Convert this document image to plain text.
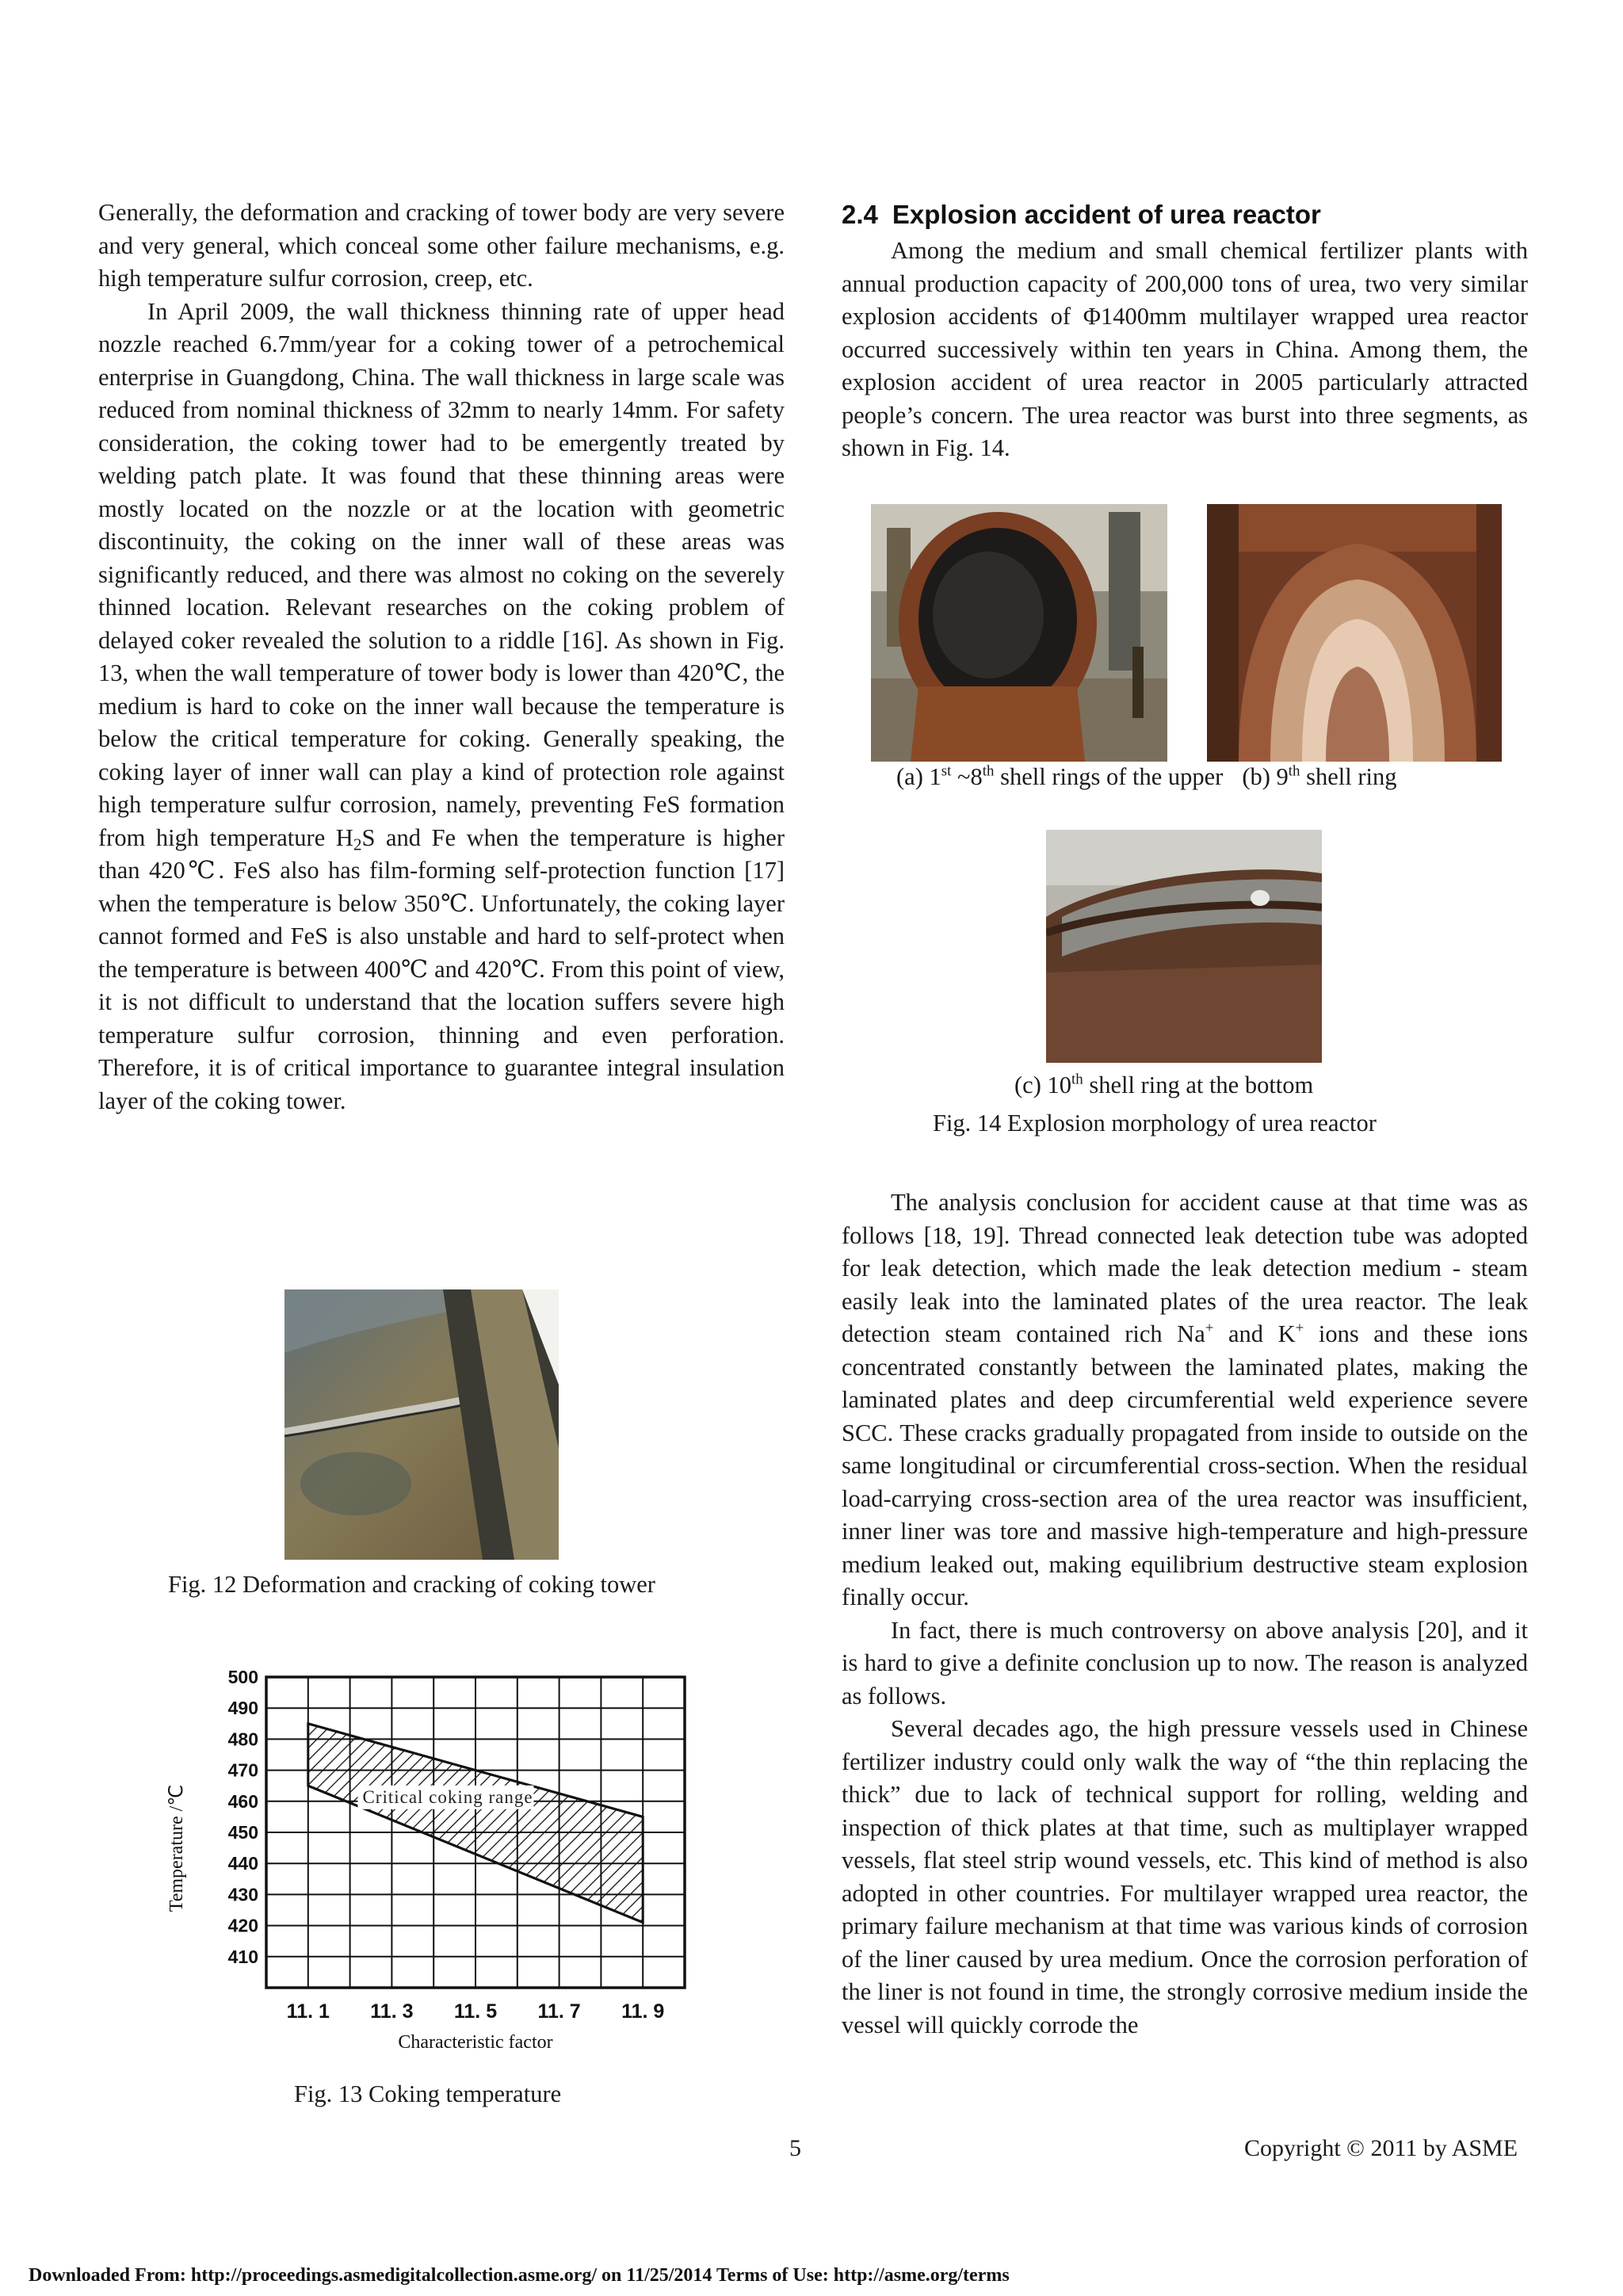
Generally, the deformation and cracking of tower body are very severe and very general, which conceal some other failure mechanisms, e.g. high temperature sulfur corrosion, creep, etc.

In April 2009, the wall thickness thinning rate of upper head nozzle reached 6.7mm/year for a coking tower of a petrochemical enterprise in Guangdong, China. The wall thickness in large scale was reduced from nominal thickness of 32mm to nearly 14mm. For safety consideration, the coking tower had to be emergently treated by welding patch plate. It was found that these thinning areas were mostly located on the nozzle or at the location with geometric discontinuity, the coking on the inner wall of these areas was significantly reduced, and there was almost no coking on the severely thinned location. Relevant researches on the coking problem of delayed coker revealed the solution to a riddle [16]. As shown in Fig. 13, when the wall temperature of tower body is lower than 420℃, the medium is hard to coke on the inner wall because the temperature is below the critical temperature for coking. Generally speaking, the coking layer of inner wall can play a kind of protection role against high temperature sulfur corrosion, namely, preventing FeS formation from high temperature $H_2S$ and Fe when the temperature is higher than 420℃. FeS also has film-forming self-protection function [17] when the temperature is below 350℃. Unfortunately, the coking layer cannot formed and FeS is also unstable and hard to self-protect when the temperature is between 400℃ and 420℃. From this point of view, it is not difficult to understand that the location suffers severe high temperature sulfur corrosion, thinning and even perforation. Therefore, it is of critical importance to guarantee integral insulation layer of the coking tower.

Fig. 12 Deformation and cracking of coking tower
Critical coking range
500
490
480
470
460
450
440
430
420
410
11. 1 11. 3 11. 5 11. 7 11. 9
Characteristic factor
Temperature /℃
Fig. 13 Coking temperature
2.4 Explosion accident of urea reactor

Among the medium and small chemical fertilizer plants with annual production capacity of 200,000 tons of urea, two very similar explosion accidents of Φ1400mm multilayer wrapped urea reactor occurred successively within ten years in China. Among them, the explosion accident of urea reactor in 2005 particularly attracted people’s concern. The urea reactor was burst into three segments, as shown in Fig. 14.

(a) 1st ~8th shell rings of the upper (b) 9th shell ring
(c) 10th shell ring at the bottom
Fig. 14 Explosion morphology of urea reactor

The analysis conclusion for accident cause at that time was as follows [18, 19]. Thread connected leak detection tube was adopted for leak detection, which made the leak detection medium - steam easily leak into the laminated plates of the urea reactor. The leak detection steam contained rich Na+ and K+ ions and these ions concentrated constantly between the laminated plates, making the laminated plates and deep circumferential weld experience severe SCC. These cracks gradually propagated from inside to outside on the same longitudinal or circumferential cross-section. When the residual load-carrying cross-section area of the urea reactor was insufficient, inner liner was tore and massive high-temperature and high-pressure medium leaked out, making equilibrium destructive steam explosion finally occur.

In fact, there is much controversy on above analysis [20], and it is hard to give a definite conclusion up to now. The reason is analyzed as follows.

Several decades ago, the high pressure vessels used in Chinese fertilizer industry could only walk the way of “the thin replacing the thick” due to lack of technical support for rolling, welding and inspection of thick plates at that time, such as multiplayer wrapped vessels, flat steel strip wound vessels, etc. This kind of method is also adopted in other countries. For multilayer wrapped urea reactor, the primary failure mechanism at that time was various kinds of corrosion of the liner caused by urea medium. Once the corrosion perforation of the liner is not found in time, the strongly corrosive medium inside the vessel will quickly corrode the

5	Copyright © 2011 by ASME
Downloaded From: http://proceedings.asmedigitalcollection.asme.org/ on 11/25/2014 Terms of Use: http://asme.org/terms
